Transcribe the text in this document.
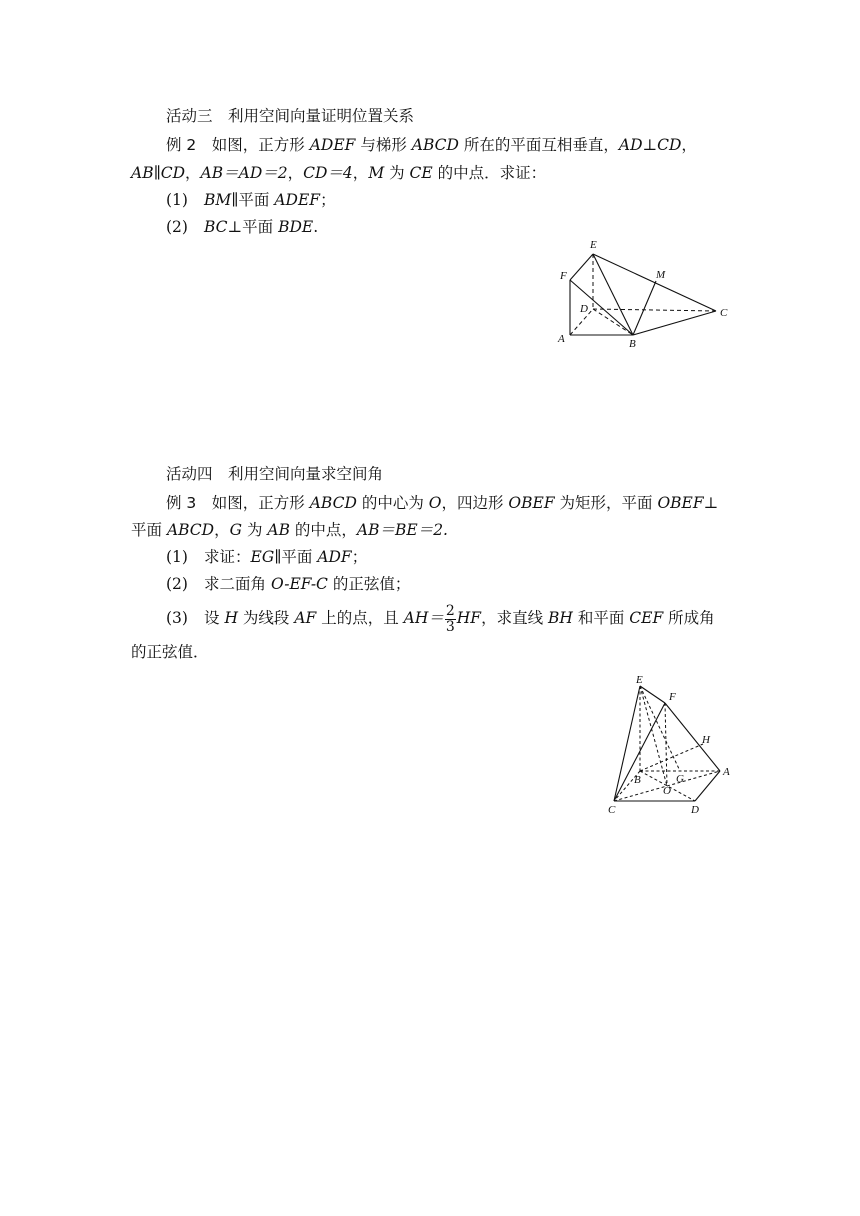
活动三　利用空间向量证明位置关系
例 2　如图，正方形 ADEF 与梯形 ABCD 所在的平面互相垂直，AD⊥CD，
AB∥CD，AB＝AD＝2，CD＝4，M 为 CE 的中点．求证：
(1) BM∥平面 ADEF；
(2) BC⊥平面 BDE.
E
F	M
D	C
A	B
活动四　利用空间向量求空间角
例 3　如图，正方形 ABCD 的中心为 O，四边形 OBEF 为矩形，平面 OBEF⊥
平面 ABCD，G 为 AB 的中点，AB＝BE＝2.
(1) 求证：EG∥平面 ADF；
(2) 求二面角 O-EF-C 的正弦值；
(3) 设 H 为线段 AF 上的点，且 $AH= \frac{2}{3}$ HF，求直线 BH 和平面 CEF 所成角
的正弦值．
E
F
H
A
B	G
O
C	D
